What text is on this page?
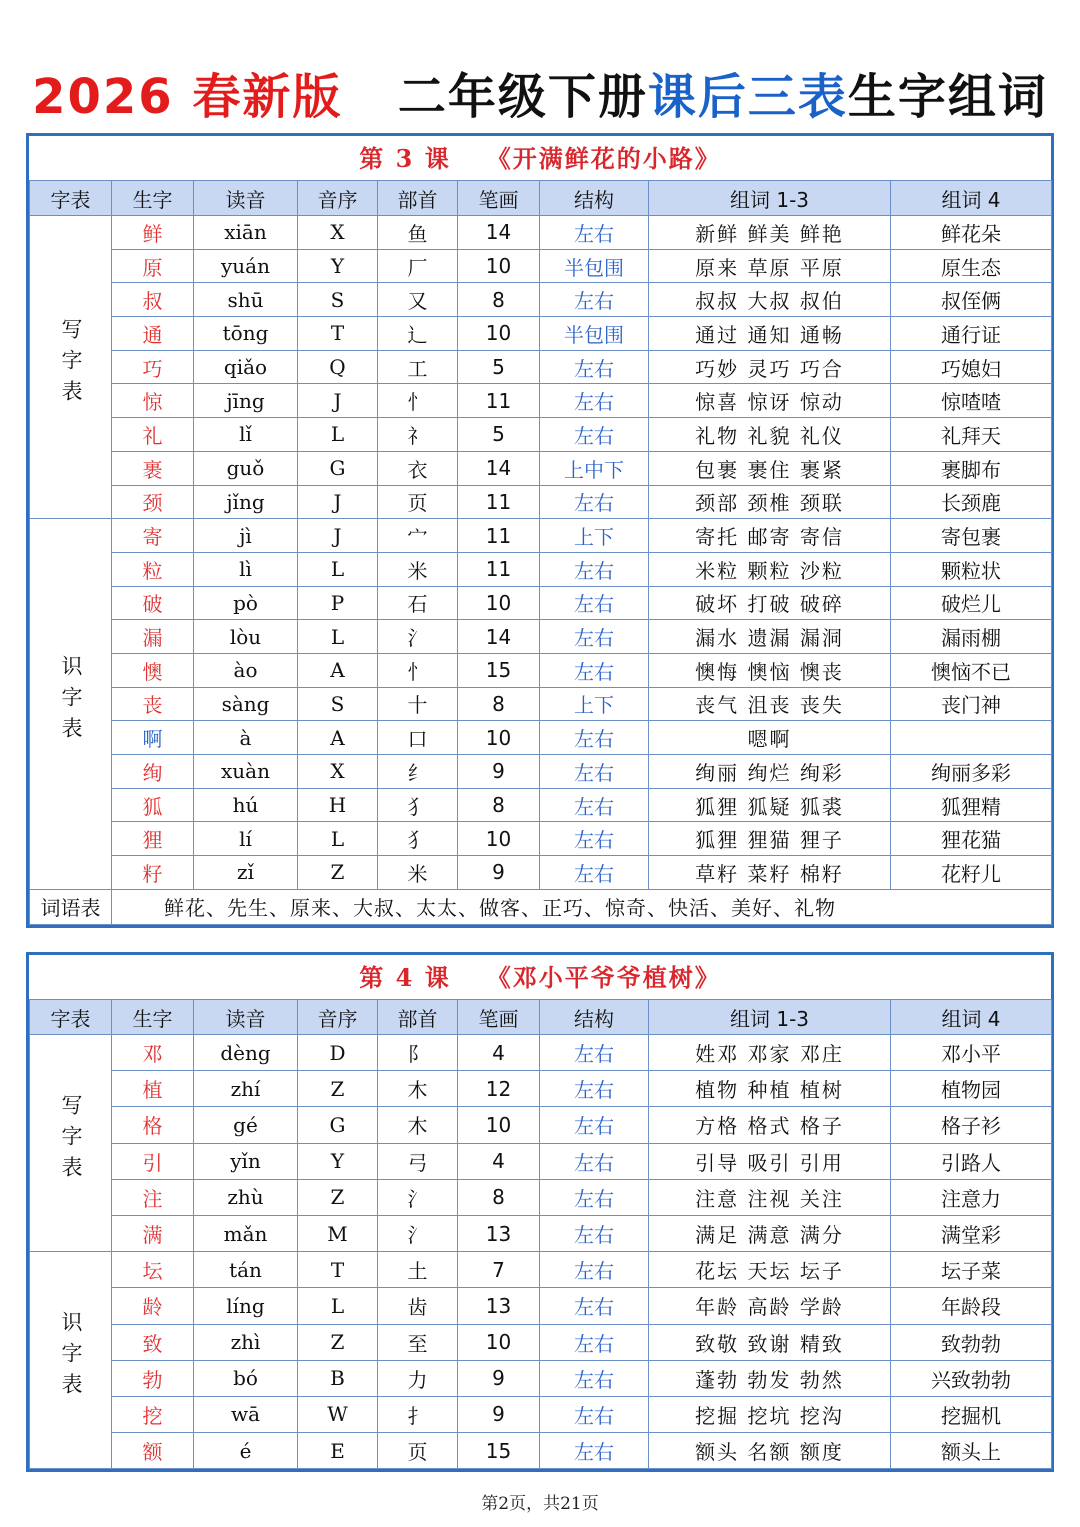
2026 春新版 二年级下册课后三表生字组词
第 3 课 《开满鲜花的小路》
字表	生字	读音	音序	部首	笔画	结构	组词 1-3	组词 4
写字表	鲜	xiān	X	鱼	14	左右	新鲜 鲜美 鲜艳	鲜花朵
	原	yuán	Y	厂	10	半包围	原来 草原 平原	原生态
	叔	shū	S	又	8	左右	叔叔 大叔 叔伯	叔侄俩
	通	tōng	T	辶	10	半包围	通过 通知 通畅	通行证
	巧	qiǎo	Q	工	5	左右	巧妙 灵巧 巧合	巧媳妇
	惊	jīng	J	忄	11	左右	惊喜 惊讶 惊动	惊喳喳
	礼	lǐ	L	礻	5	左右	礼物 礼貌 礼仪	礼拜天
	裹	guǒ	G	衣	14	上中下	包裹 裹住 裹紧	裹脚布
	颈	jǐng	J	页	11	左右	颈部 颈椎 颈联	长颈鹿
识字表	寄	jì	J	宀	11	上下	寄托 邮寄 寄信	寄包裹
	粒	lì	L	米	11	左右	米粒 颗粒 沙粒	颗粒状
	破	pò	P	石	10	左右	破坏 打破 破碎	破烂儿
	漏	lòu	L	氵	14	左右	漏水 遗漏 漏洞	漏雨棚
	懊	ào	A	忄	15	左右	懊悔 懊恼 懊丧	懊恼不已
	丧	sàng	S	十	8	上下	丧气 沮丧 丧失	丧门神
	啊	à	A	口	10	左右	嗯啊	
	绚	xuàn	X	纟	9	左右	绚丽 绚烂 绚彩	绚丽多彩
	狐	hú	H	犭	8	左右	狐狸 狐疑 狐裘	狐狸精
	狸	lí	L	犭	10	左右	狐狸 狸猫 狸子	狸花猫
	籽	zǐ	Z	米	9	左右	草籽 菜籽 棉籽	花籽儿
词语表	鲜花、先生、原来、大叔、太太、做客、正巧、惊奇、快活、美好、礼物							
第 4 课 《邓小平爷爷植树》
字表	生字	读音	音序	部首	笔画	结构	组词 1-3	组词 4
写字表	邓	dèng	D	阝	4	左右	姓邓 邓家 邓庄	邓小平
	植	zhí	Z	木	12	左右	植物 种植 植树	植物园
	格	gé	G	木	10	左右	方格 格式 格子	格子衫
	引	yǐn	Y	弓	4	左右	引导 吸引 引用	引路人
	注	zhù	Z	氵	8	左右	注意 注视 关注	注意力
	满	mǎn	M	氵	13	左右	满足 满意 满分	满堂彩
识字表	坛	tán	T	土	7	左右	花坛 天坛 坛子	坛子菜
	龄	líng	L	齿	13	左右	年龄 高龄 学龄	年龄段
	致	zhì	Z	至	10	左右	致敬 致谢 精致	致勃勃
	勃	bó	B	力	9	左右	蓬勃 勃发 勃然	兴致勃勃
	挖	wā	W	扌	9	左右	挖掘 挖坑 挖沟	挖掘机
	额	é	E	页	15	左右	额头 名额 额度	额头上
第2页，共21页
